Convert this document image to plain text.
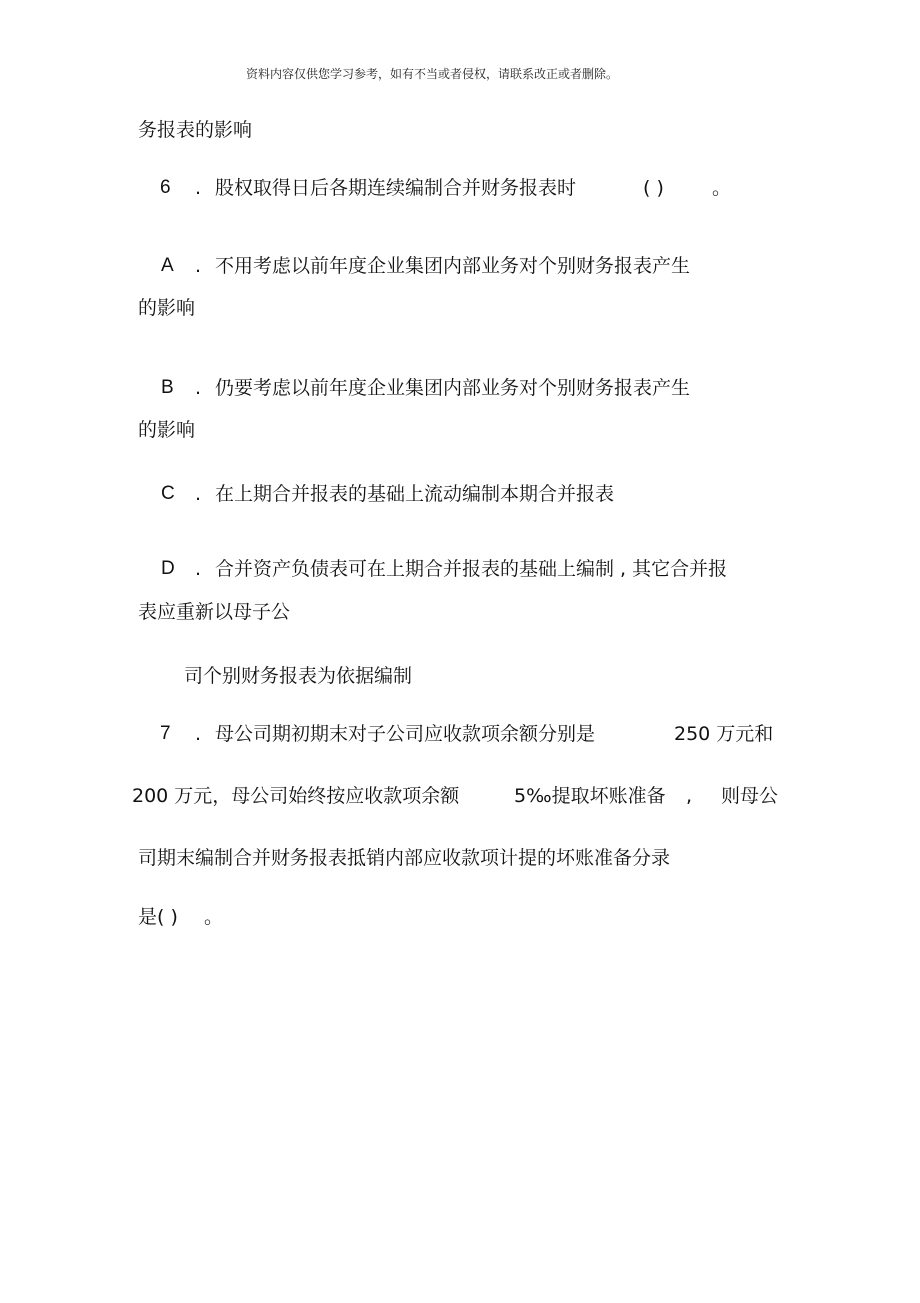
资料内容仅供您学习参考，如有不当或者侵权，请联系改正或者删除。
务报表的影响
6 . 股权取得日后各期连续编制合并财务报表时	( )	。
A . 不用考虑以前年度企业集团内部业务对个别财务报表产生
的影响
B . 仍要考虑以前年度企业集团内部业务对个别财务报表产生
的影响
C . 在上期合并报表的基础上流动编制本期合并报表
D . 合并资产负债表可在上期合并报表的基础上编制 , 其它合并报
表应重新以母子公
司个别财务报表为依据编制
7 . 母公司期初期末对子公司应收款项余额分别是	250 万元和
200 万元，母公司始终按应收款项余额	5‰提取坏账准备 , 则母公
司期末编制合并财务报表抵销内部应收款项计提的坏账准备分录
是( ) 。
